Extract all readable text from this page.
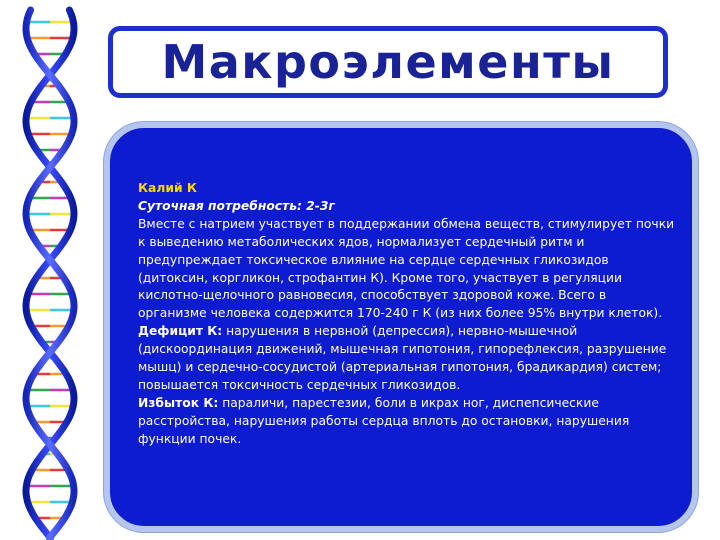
Макроэлементы

Калий К

Суточная потребность: 2-3г

Вместе с натрием участвует в поддержании обмена веществ, стимулирует почки к выведению метаболических ядов, нормализует сердечный ритм и предупреждает токсическое влияние на сердце сердечных гликозидов (дитоксин, коргликон, строфантин К). Кроме того, участвует в регуляции кислотно-щелочного равновесия, способствует здоровой коже. Всего в организме человека содержится 170-240 г К (из них более 95% внутри клеток).

Дефицит К: нарушения в нервной (депрессия), нервно-мышечной (дискоординация движений, мышечная гипотония, гипорефлексия, разрушение мышц) и сердечно-сосудистой (артериальная гипотония, брадикардия) систем; повышается токсичность сердечных гликозидов.

Избыток К: параличи, парестезии, боли в икрах ног, диспепсические расстройства, нарушения работы сердца вплоть до остановки, нарушения функции почек.
